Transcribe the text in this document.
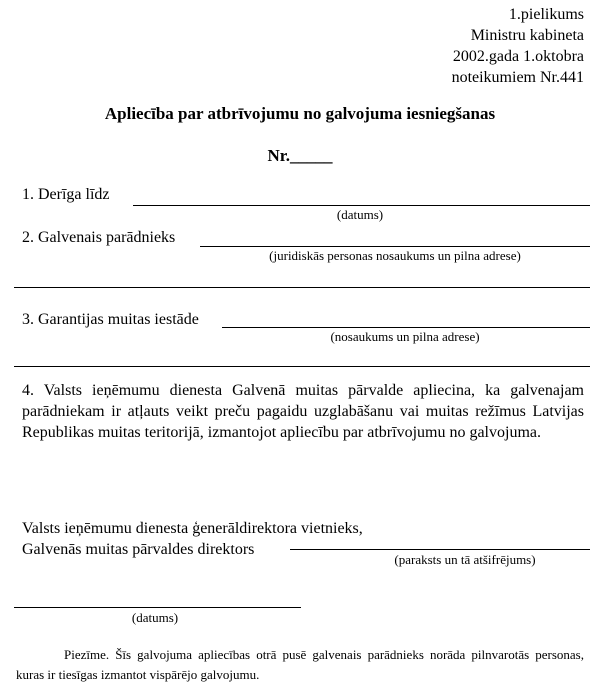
1.pielikums
Ministru kabineta
2002.gada 1.oktobra
noteikumiem Nr.441
Apliecība par atbrīvojumu no galvojuma iesniegšanas
Nr._____
1. Derīga līdz
(datums)
2. Galvenais parādnieks
(juridiskās personas nosaukums un pilna adrese)
3. Garantijas muitas iestāde
(nosaukums un pilna adrese)
4. Valsts ieņēmumu dienesta Galvenā muitas pārvalde apliecina, ka galvenajam parādniekam ir atļauts veikt preču pagaidu uzglabāšanu vai muitas režīmus Latvijas Republikas muitas teritorijā, izmantojot apliecību par atbrīvojumu no galvojuma.
Valsts ieņēmumu dienesta ģenerāldirektora vietnieks,
Galvenās muitas pārvaldes direktors
(paraksts un tā atšifrējums)
(datums)
Piezīme. Šīs galvojuma apliecības otrā pusē galvenais parādnieks norāda pilnvarotās personas, kuras ir tiesīgas izmantot vispārējo galvojumu.
